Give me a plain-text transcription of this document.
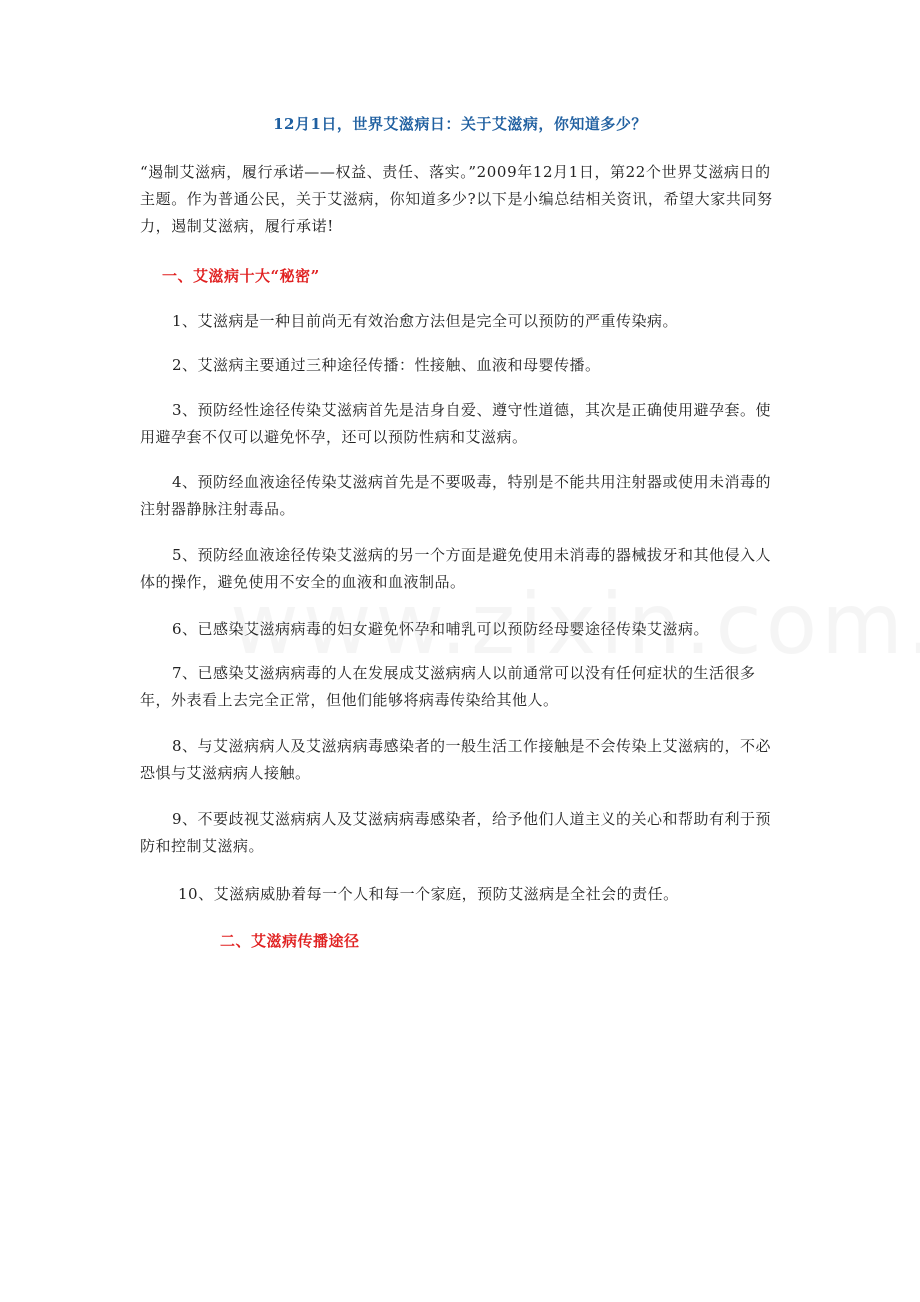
12月1日，世界艾滋病日：关于艾滋病，你知道多少？
“遏制艾滋病，履行承诺——权益、责任、落实。”2009年12月1日，第22个世界艾滋病日的主题。作为普通公民，关于艾滋病，你知道多少?以下是小编总结相关资讯，希望大家共同努力，遏制艾滋病，履行承诺!
一、艾滋病十大“秘密”
1、艾滋病是一种目前尚无有效治愈方法但是完全可以预防的严重传染病。
2、艾滋病主要通过三种途径传播：性接触、血液和母婴传播。
3、预防经性途径传染艾滋病首先是洁身自爱、遵守性道德，其次是正确使用避孕套。使用避孕套不仅可以避免怀孕，还可以预防性病和艾滋病。
4、预防经血液途径传染艾滋病首先是不要吸毒，特别是不能共用注射器或使用未消毒的注射器静脉注射毒品。
5、预防经血液途径传染艾滋病的另一个方面是避免使用未消毒的器械拔牙和其他侵入人体的操作，避免使用不安全的血液和血液制品。
6、已感染艾滋病病毒的妇女避免怀孕和哺乳可以预防经母婴途径传染艾滋病。
7、已感染艾滋病病毒的人在发展成艾滋病病人以前通常可以没有任何症状的生活很多年，外表看上去完全正常，但他们能够将病毒传染给其他人。
8、与艾滋病病人及艾滋病病毒感染者的一般生活工作接触是不会传染上艾滋病的，不必恐惧与艾滋病病人接触。
9、不要歧视艾滋病病人及艾滋病病毒感染者，给予他们人道主义的关心和帮助有利于预防和控制艾滋病。
10、艾滋病威胁着每一个人和每一个家庭，预防艾滋病是全社会的责任。
二、艾滋病传播途径
